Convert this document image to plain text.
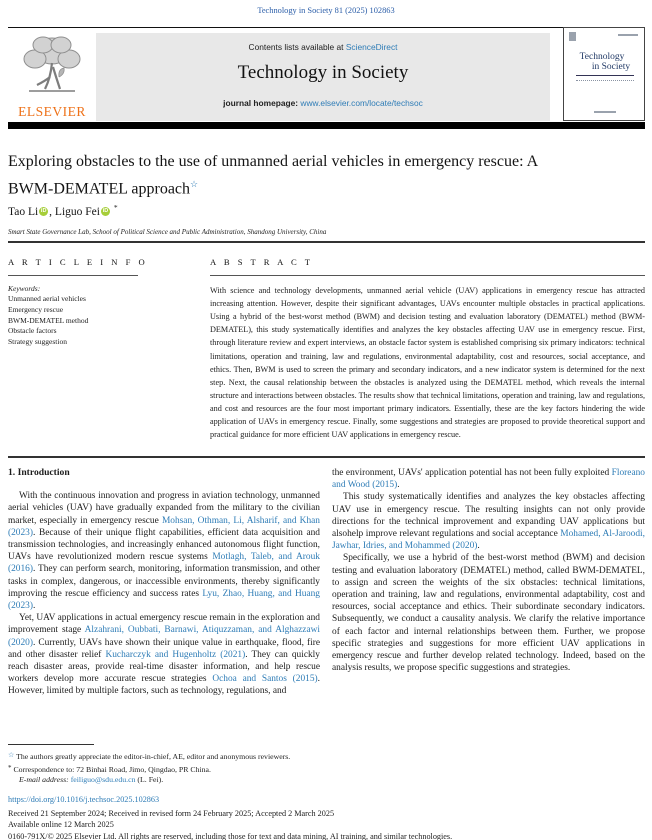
Technology in Society 81 (2025) 102863
ELSEVIER
Contents lists available at ScienceDirect
Technology in Society
journal homepage: www.elsevier.com/locate/techsoc
Technology
in Society
Exploring obstacles to the use of unmanned aerial vehicles in emergency rescue: A BWM-DEMATEL approach☆
Tao Li iD , Liguo Fei iD *
Smart State Governance Lab, School of Political Science and Public Administration, Shandong University, China
A R T I C L E I N F O
Keywords:
Unmanned aerial vehicles
Emergency rescue
BWM-DEMATEL method
Obstacle factors
Strategy suggestion
A B S T R A C T
With science and technology developments, unmanned aerial vehicle (UAV) applications in emergency rescue has attracted increasing attention. However, despite their significant advantages, UAVs encounter multiple obstacles in practical applications. Using a hybrid of the best-worst method (BWM) and decision testing and evaluation laboratory (DEMATEL) method (BWM-DEMATEL), this study systematically identifies and analyzes the key obstacles affecting UAV use in emergency rescue. First, through literature review and expert interviews, an obstacle factor system is established comprising six primary indicators: technical limitations, operation and training, law and regulations, environmental adaptability, cost and resources, social acceptance, and ethics. Then, BWM is used to screen the primary and secondary indicators, and a new indicator system is determined for the next step. Next, the causal relationship between the obstacles is analyzed using the DEMATEL method, which reveals the internal structure and interactions between obstacles. The results show that technical limitations, operation and training, law and regulations, and cost and resources are the four most important primary indicators. Essentially, these are the key factors hindering the wide application of UAVs in emergency rescue. Finally, some suggestions and strategies are proposed to provide theoretical support and practical guidance for more efficient UAV applications in emergency rescue.
1. Introduction

With the continuous innovation and progress in aviation technology, unmanned aerial vehicles (UAV) have gradually expanded from the military to the civilian market, especially in emergency rescue Mohsan, Othman, Li, Alsharif, and Khan (2023). Because of their unique flight capabilities, efficient data acquisition and transmission technologies, and increasingly enhanced autonomous flight function, UAVs have revolutionized modern rescue systems Motlagh, Taleb, and Arouk (2016). They can perform search, monitoring, information transmission, and other tasks in complex, dangerous, or inaccessible environments, thereby significantly improving the rescue efficiency and success rates Lyu, Zhao, Huang, and Huang (2023).

Yet, UAV applications in actual emergency rescue remain in the exploration and improvement stage Alzahrani, Oubbati, Barnawi, Atiquzzaman, and Alghazzawi (2020). Currently, UAVs have shown their unique value in earthquake, flood, fire and other disaster relief Kucharczyk and Hugenholtz (2021). They can quickly reach disaster areas, provide real-time disaster information, and help rescue workers develop more accurate rescue strategies Ochoa and Santos (2015). However, limited by multiple factors, such as technology, regulations, and

the environment, UAVs' application potential has not been fully exploited Floreano and Wood (2015).

This study systematically identifies and analyzes the key obstacles affecting UAV use in emergency rescue. The resulting insights can not only provide directions for the technical improvement and expanding UAV applications but alsohelp improve relevant regulations and social acceptance Mohamed, Al-Jaroodi, Jawhar, Idries, and Mohammed (2020).

Specifically, we use a hybrid of the best-worst method (BWM) and decision testing and evaluation laboratory (DEMATEL) method, called BWM-DEMATEL, to assign and screen the weights of the six obstacles: technical limitations, operation and training, law and regulations, environmental adaptability, cost and resources, social acceptance and ethics. Their subordinate secondary indicators. Subsequently, we conduct a causality analysis. We clarify the relative importance of each factor and internal relationships between them. Further, we propose specific strategies and suggestions for more efficient UAV applications in emergency rescue and further develop related technology. Indeed, based on the analysis results, we propose specific suggestions and strategies.

☆ The authors greatly appreciate the editor-in-chief, AE, editor and anonymous reviewers.
* Correspondence to: 72 Binhai Road, Jimo, Qingdao, PR China.
E-mail address: feiliguo@sdu.edu.cn (L. Fei).
https://doi.org/10.1016/j.techsoc.2025.102863
Received 21 September 2024; Received in revised form 24 February 2025; Accepted 2 March 2025
Available online 12 March 2025
0160-791X/© 2025 Elsevier Ltd. All rights are reserved, including those for text and data mining, AI training, and similar technologies.
